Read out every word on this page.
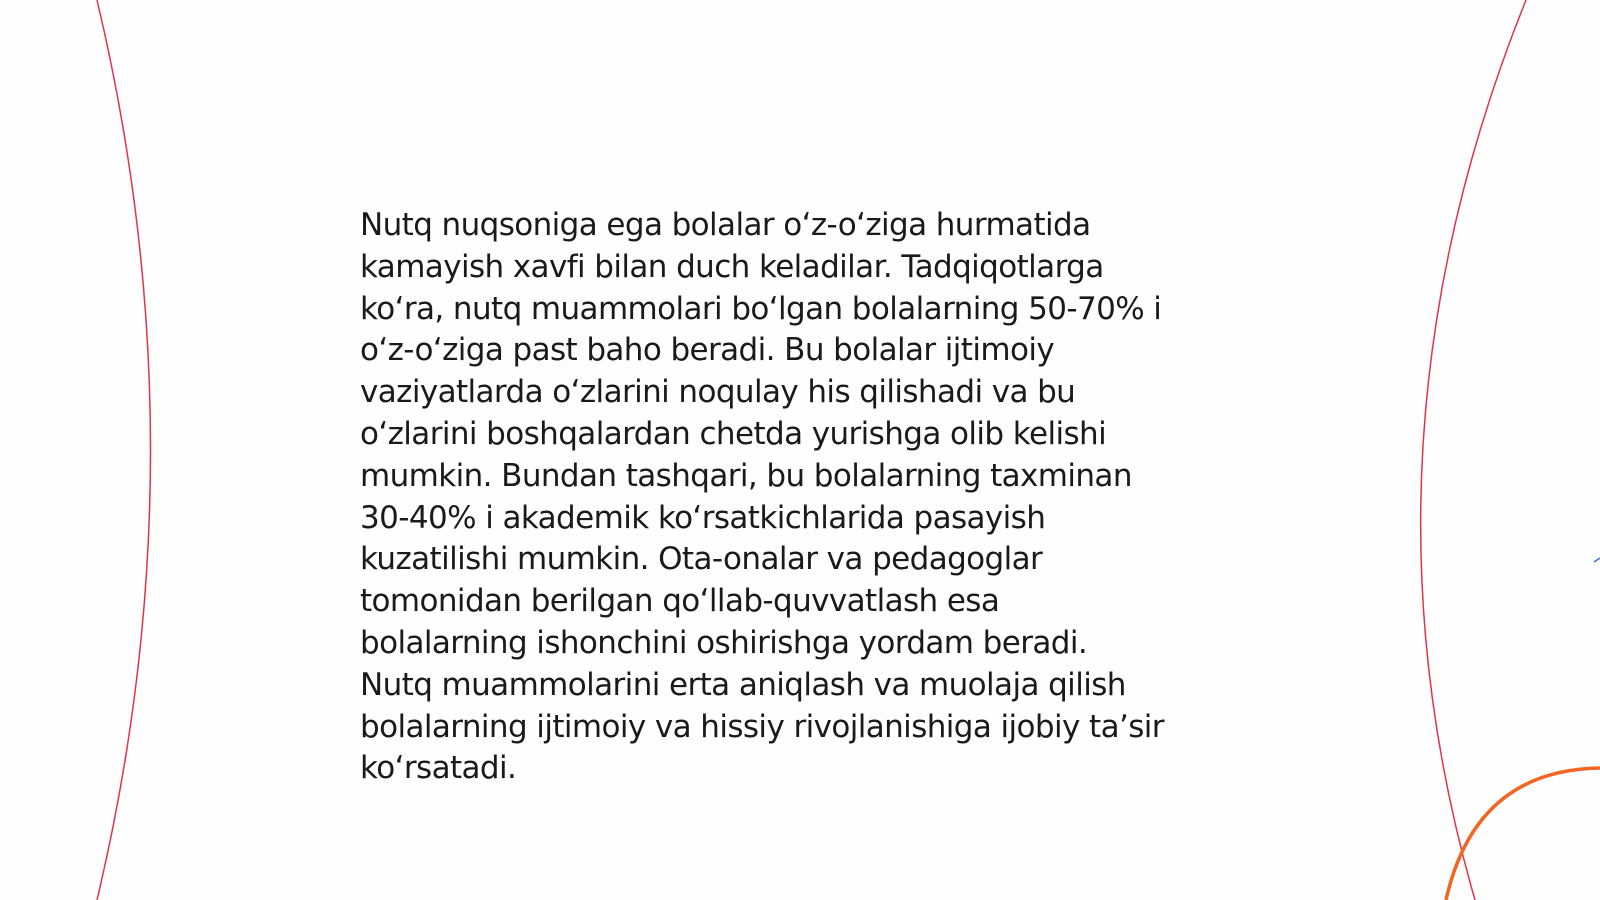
Nutq nuqsoniga ega bolalar o‘z-o‘ziga hurmatida
kamayish xavfi bilan duch keladilar. Tadqiqotlarga
ko‘ra, nutq muammolari bo‘lgan bolalarning 50-70% i
o‘z-o‘ziga past baho beradi. Bu bolalar ijtimoiy
vaziyatlarda o‘zlarini noqulay his qilishadi va bu
o‘zlarini boshqalardan chetda yurishga olib kelishi
mumkin. Bundan tashqari, bu bolalarning taxminan
30-40% i akademik ko‘rsatkichlarida pasayish
kuzatilishi mumkin. Ota-onalar va pedagoglar
tomonidan berilgan qo‘llab-quvvatlash esa
bolalarning ishonchini oshirishga yordam beradi.
Nutq muammolarini erta aniqlash va muolaja qilish
bolalarning ijtimoiy va hissiy rivojlanishiga ijobiy ta’sir
ko‘rsatadi.
